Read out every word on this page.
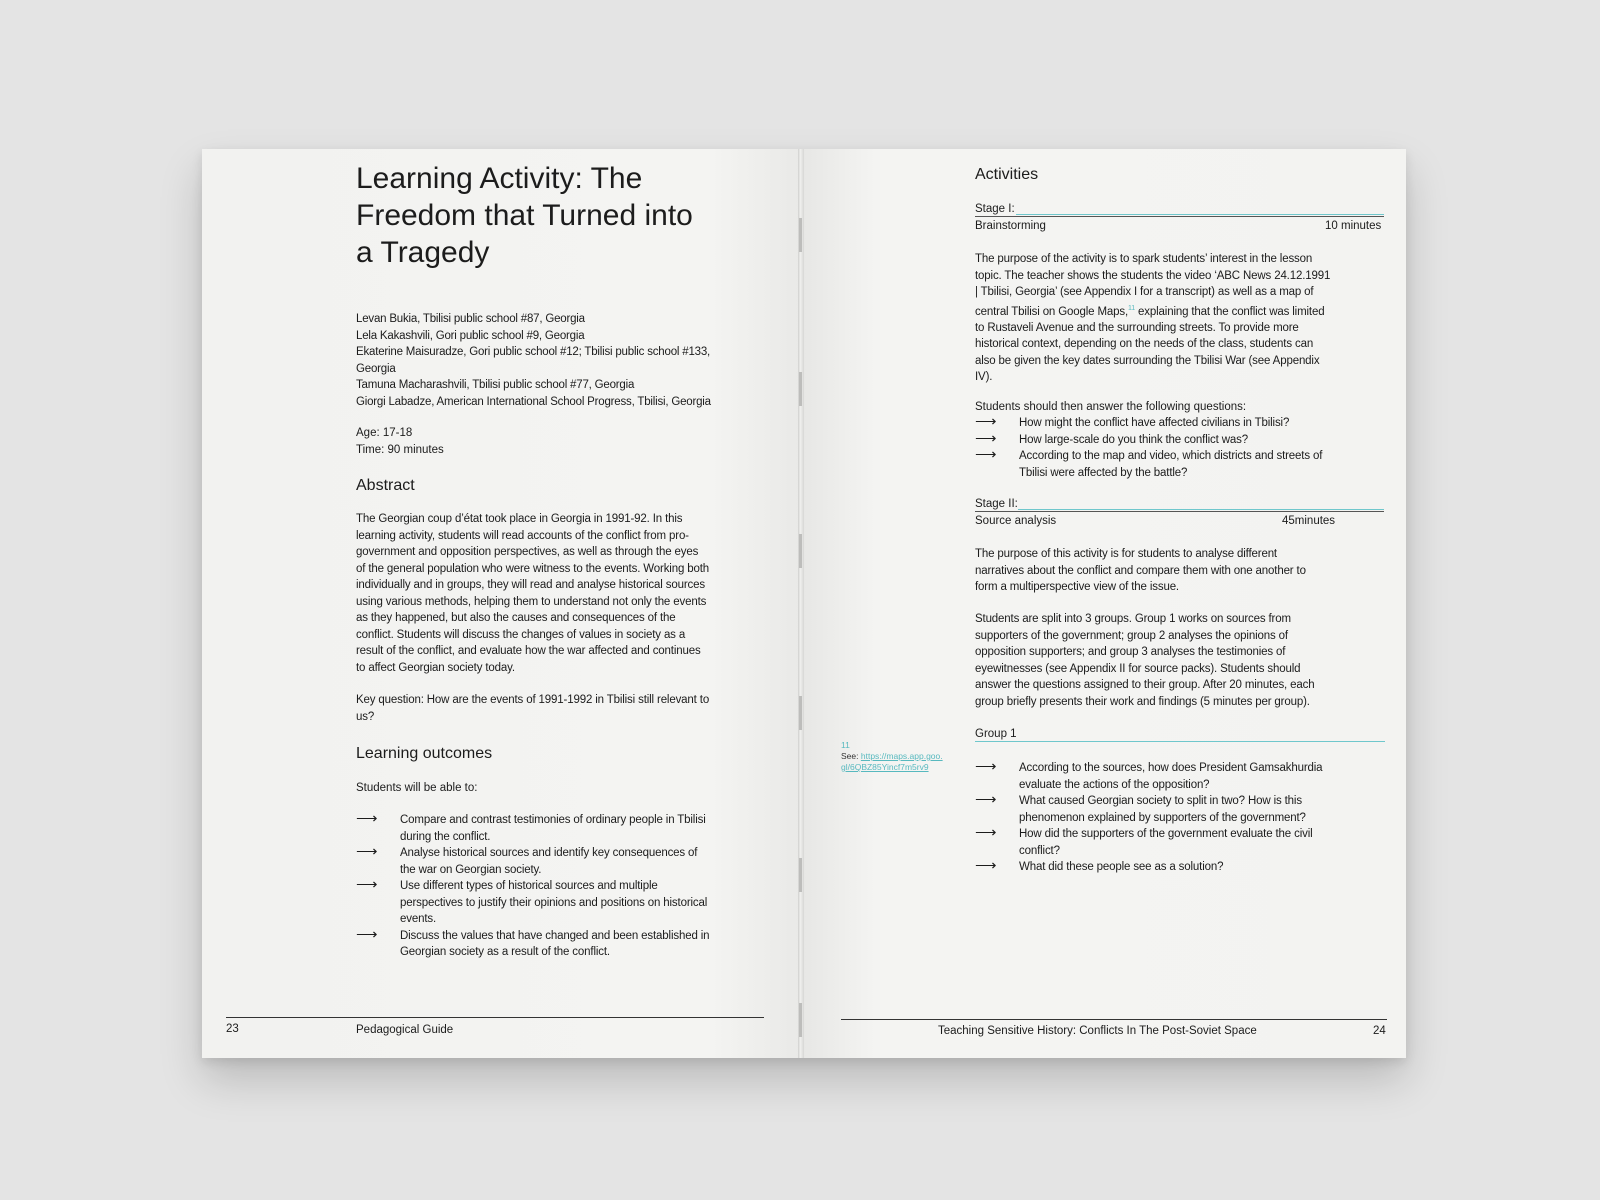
Learning Activity: The
Freedom that Turned into
a Tragedy
Levan Bukia, Tbilisi public school #87, Georgia
Lela Kakashvili, Gori public school #9, Georgia
Ekaterine Maisuradze, Gori public school #12; Tbilisi public school #133,
Georgia
Tamuna Macharashvili, Tbilisi public school #77, Georgia
Giorgi Labadze, American International School Progress, Tbilisi, Georgia
Age: 17-18
Time: 90 minutes
Abstract
The Georgian coup d’état took place in Georgia in 1991-92. In this
learning activity, students will read accounts of the conflict from pro-
government and opposition perspectives, as well as through the eyes
of the general population who were witness to the events. Working both
individually and in groups, they will read and analyse historical sources
using various methods, helping them to understand not only the events
as they happened, but also the causes and consequences of the
conflict. Students will discuss the changes of values in society as a
result of the conflict, and evaluate how the war affected and continues
to affect Georgian society today.
Key question: How are the events of 1991-1992 in Tbilisi still relevant to
us?
Learning outcomes
Students will be able to:
⟶ Compare and contrast testimonies of ordinary people in Tbilisi
during the conflict.
⟶ Analyse historical sources and identify key consequences of
the war on Georgian society.
⟶ Use different types of historical sources and multiple
perspectives to justify their opinions and positions on historical
events.
⟶ Discuss the values that have changed and been established in
Georgian society as a result of the conflict.
23	Pedagogical Guide
Activities
Stage I:
Brainstorming	10 minutes
The purpose of the activity is to spark students’ interest in the lesson
topic. The teacher shows the students the video ‘ABC News 24.12.1991
| Tbilisi, Georgia’ (see Appendix I for a transcript) as well as a map of
central Tbilisi on Google Maps,$^{11}$ explaining that the conflict was limited
to Rustaveli Avenue and the surrounding streets. To provide more
historical context, depending on the needs of the class, students can
also be given the key dates surrounding the Tbilisi War (see Appendix
IV).
Students should then answer the following questions:
⟶ How might the conflict have affected civilians in Tbilisi?
⟶ How large-scale do you think the conflict was?
⟶ According to the map and video, which districts and streets of
Tbilisi were affected by the battle?
Stage II:
Source analysis	45minutes
The purpose of this activity is for students to analyse different
narratives about the conflict and compare them with one another to
form a multiperspective view of the issue.
Students are split into 3 groups. Group 1 works on sources from
supporters of the government; group 2 analyses the opinions of
opposition supporters; and group 3 analyses the testimonies of
eyewitnesses (see Appendix II for source packs). Students should
answer the questions assigned to their group. After 20 minutes, each
group briefly presents their work and findings (5 minutes per group).
Group 1
⟶ According to the sources, how does President Gamsakhurdia
evaluate the actions of the opposition?
⟶ What caused Georgian society to split in two? How is this
phenomenon explained by supporters of the government?
⟶ How did the supporters of the government evaluate the civil
conflict?
⟶ What did these people see as a solution?
11
See: https://maps.app.goo.
gl/6QBZ85Yincf7m5rv9
Teaching Sensitive History: Conflicts In The Post-Soviet Space	24
